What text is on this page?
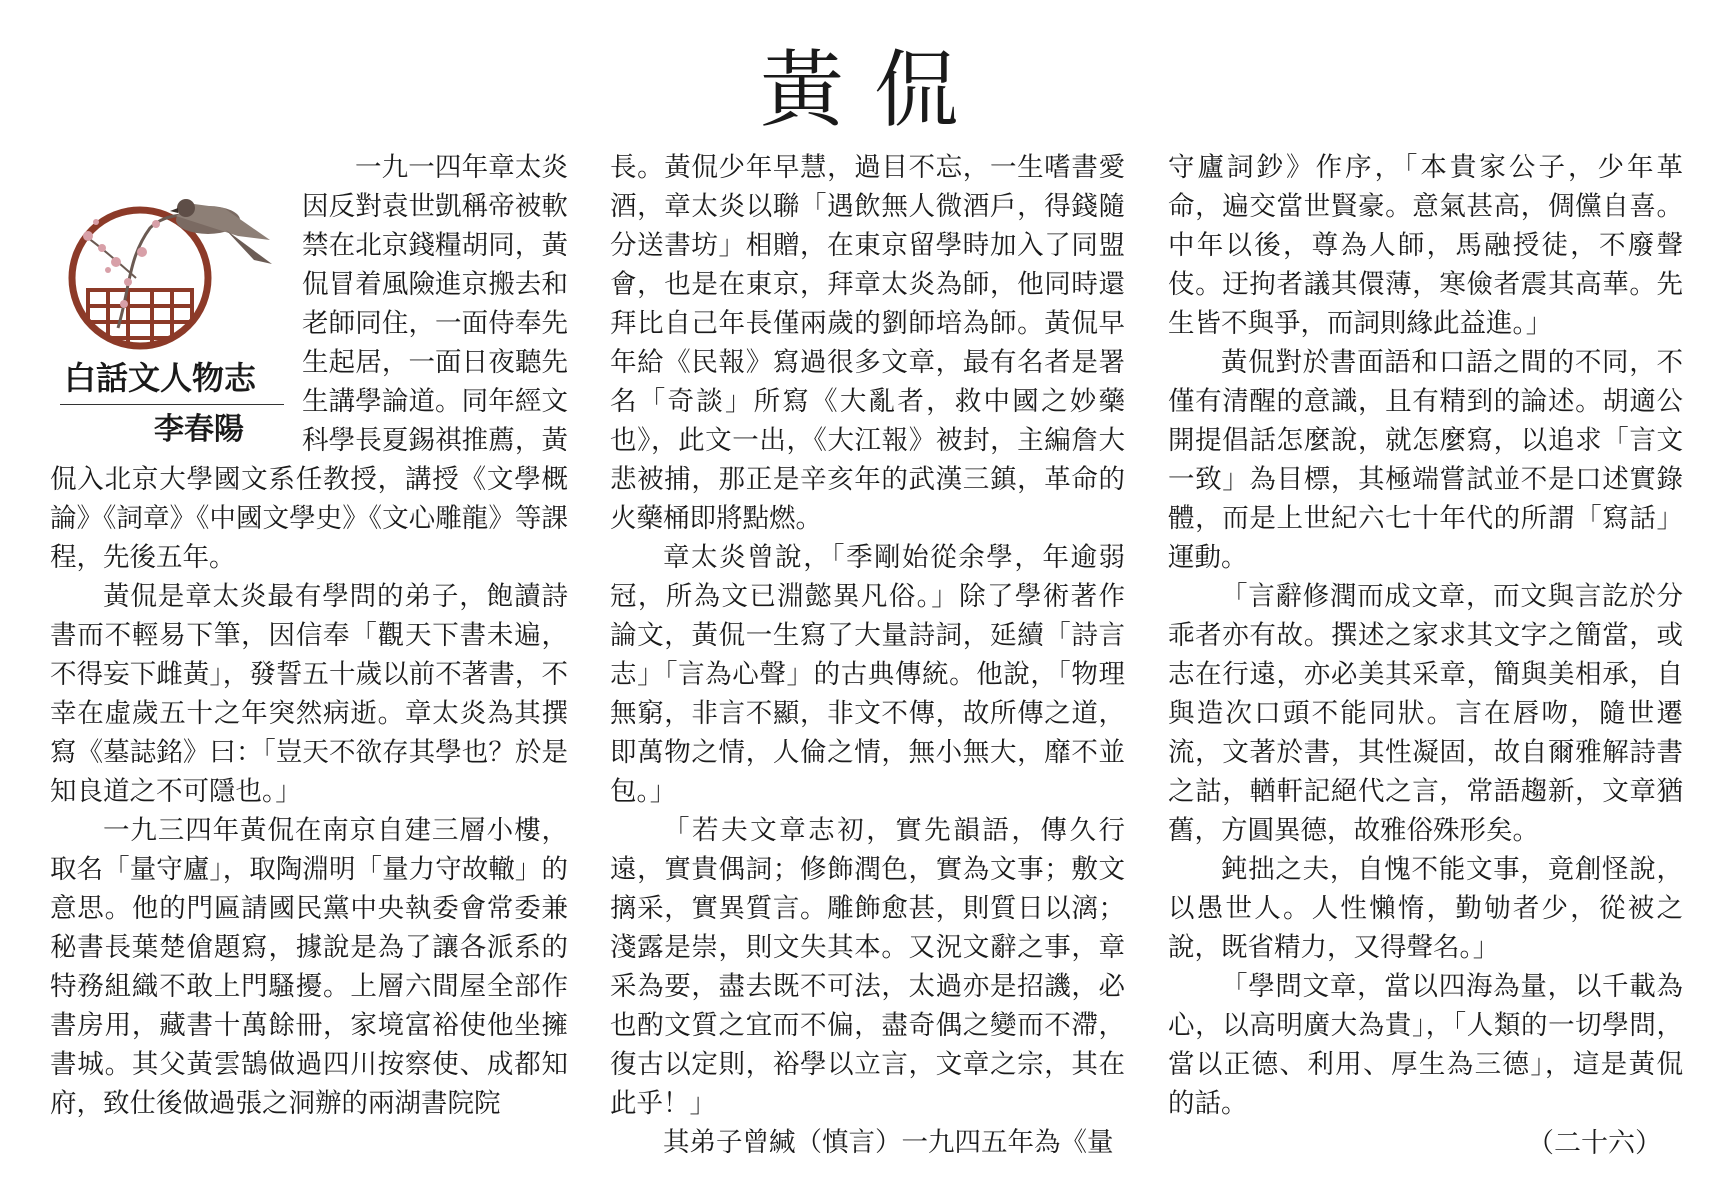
黃侃
白話文人物志
李春陽

一九一四年章太炎因反對袁世凱稱帝被軟禁在北京錢糧胡同，黃侃冒着風險進京搬去和老師同住，一面侍奉先生起居，一面日夜聽先生講學論道。同年經文科學長夏錫祺推薦，黃侃入北京大學國文系任教授，講授《文學概論》《詞章》《中國文學史》《文心雕龍》等課程，先後五年。

黃侃是章太炎最有學問的弟子，飽讀詩書而不輕易下筆，因信奉「觀天下書未遍，不得妄下雌黃」，發誓五十歲以前不著書，不幸在虛歲五十之年突然病逝。章太炎為其撰寫《墓誌銘》曰：「豈天不欲存其學也？於是知良道之不可隱也。」

一九三四年黃侃在南京自建三層小樓，取名「量守廬」，取陶淵明「量力守故轍」的意思。他的門匾請國民黨中央執委會常委兼秘書長葉楚傖題寫，據說是為了讓各派系的特務組織不敢上門騷擾。上層六間屋全部作書房用，藏書十萬餘冊，家境富裕使他坐擁書城。其父黃雲鵠做過四川按察使、成都知府，致仕後做過張之洞辦的兩湖書院院

長。黃侃少年早慧，過目不忘，一生嗜書愛酒，章太炎以聯「遇飲無人微酒戶，得錢隨分送書坊」相贈，在東京留學時加入了同盟會，也是在東京，拜章太炎為師，他同時還拜比自己年長僅兩歲的劉師培為師。黃侃早年給《民報》寫過很多文章，最有名者是署名「奇談」所寫《大亂者，救中國之妙藥也》，此文一出，《大江報》被封，主編詹大悲被捕，那正是辛亥年的武漢三鎮，革命的火藥桶即將點燃。

章太炎曾說，「季剛始從余學，年逾弱冠，所為文已淵懿異凡俗。」除了學術著作論文，黃侃一生寫了大量詩詞，延續「詩言志」「言為心聲」的古典傳統。他說，「物理無窮，非言不顯，非文不傳，故所傳之道，即萬物之情，人倫之情，無小無大，靡不並包。」

「若夫文章志初，實先韻語，傳久行遠，實貴偶詞；修飾潤色，實為文事；敷文摛采，實異質言。雕飾愈甚，則質日以漓；淺露是崇，則文失其本。又況文辭之事，章采為要，盡去既不可法，太過亦是招譏，必也酌文質之宜而不偏，盡奇偶之變而不滯，復古以定則，裕學以立言，文章之宗，其在此乎！」

其弟子曾緘（慎言）一九四五年為《量

守廬詞鈔》作序，「本貴家公子，少年革命，遍交當世賢豪。意氣甚高，倜儻自喜。中年以後，尊為人師，馬融授徒，不廢聲伎。迂拘者議其儇薄，寒儉者震其高華。先生皆不與爭，而詞則緣此益進。」

黃侃對於書面語和口語之間的不同，不僅有清醒的意識，且有精到的論述。胡適公開提倡話怎麼說，就怎麼寫，以追求「言文一致」為目標，其極端嘗試並不是口述實錄體，而是上世紀六七十年代的所謂「寫話」運動。

「言辭修潤而成文章，而文與言訖於分乖者亦有故。撰述之家求其文字之簡當，或志在行遠，亦必美其采章，簡與美相承，自與造次口頭不能同狀。言在唇吻，隨世遷流，文著於書，其性凝固，故自爾雅解詩書之詁，輶軒記絕代之言，常語趨新，文章猶舊，方圓異德，故雅俗殊形矣。

鈍拙之夫，自愧不能文事，竟創怪說，以愚世人。人性懶惰，勤劬者少，從被之說，既省精力，又得聲名。」

「學問文章，當以四海為量，以千載為心，以高明廣大為貴」，「人類的一切學問，當以正德、利用、厚生為三德」，這是黃侃的話。

（二十六）
